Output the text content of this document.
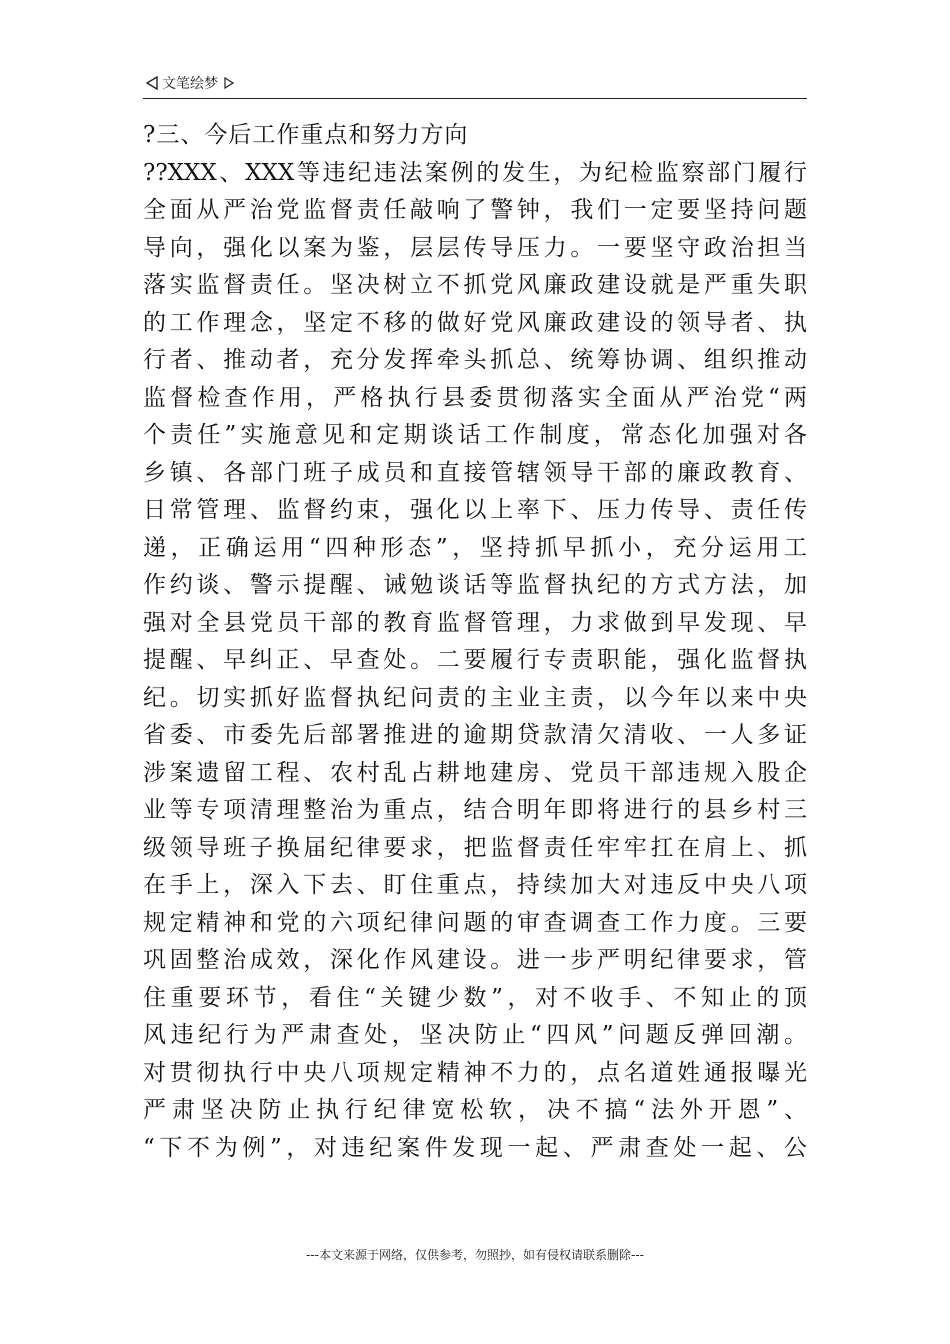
文笔绘梦
?三、今后工作重点和努力方向
??XXX、XXX等违纪违法案例的发生，为纪检监察部门履行
全面从严治党监督责任敲响了警钟，我们一定要坚持问题
导向，强化以案为鉴，层层传导压力。一要坚守政治担当
落实监督责任。坚决树立不抓党风廉政建设就是严重失职
的工作理念，坚定不移的做好党风廉政建设的领导者、执
行者、推动者，充分发挥牵头抓总、统筹协调、组织推动
监督检查作用，严格执行县委贯彻落实全面从严治党“两
个责任”实施意见和定期谈话工作制度，常态化加强对各
乡镇、各部门班子成员和直接管辖领导干部的廉政教育、
日常管理、监督约束，强化以上率下、压力传导、责任传
递，正确运用“四种形态”，坚持抓早抓小，充分运用工
作约谈、警示提醒、诫勉谈话等监督执纪的方式方法，加
强对全县党员干部的教育监督管理，力求做到早发现、早
提醒、早纠正、早查处。二要履行专责职能，强化监督执
纪。切实抓好监督执纪问责的主业主责，以今年以来中央
省委、市委先后部署推进的逾期贷款清欠清收、一人多证
涉案遗留工程、农村乱占耕地建房、党员干部违规入股企
业等专项清理整治为重点，结合明年即将进行的县乡村三
级领导班子换届纪律要求，把监督责任牢牢扛在肩上、抓
在手上，深入下去、盯住重点，持续加大对违反中央八项
规定精神和党的六项纪律问题的审查调查工作力度。三要
巩固整治成效，深化作风建设。进一步严明纪律要求，管
住重要环节，看住“关键少数”，对不收手、不知止的顶
风违纪行为严肃查处，坚决防止“四风”问题反弹回潮。
对贯彻执行中央八项规定精神不力的，点名道姓通报曝光
严肃坚决防止执行纪律宽松软，决不搞“法外开恩”、
“下不为例”，对违纪案件发现一起、严肃查处一起、公
---本文来源于网络，仅供参考，勿照抄，如有侵权请联系删除---
